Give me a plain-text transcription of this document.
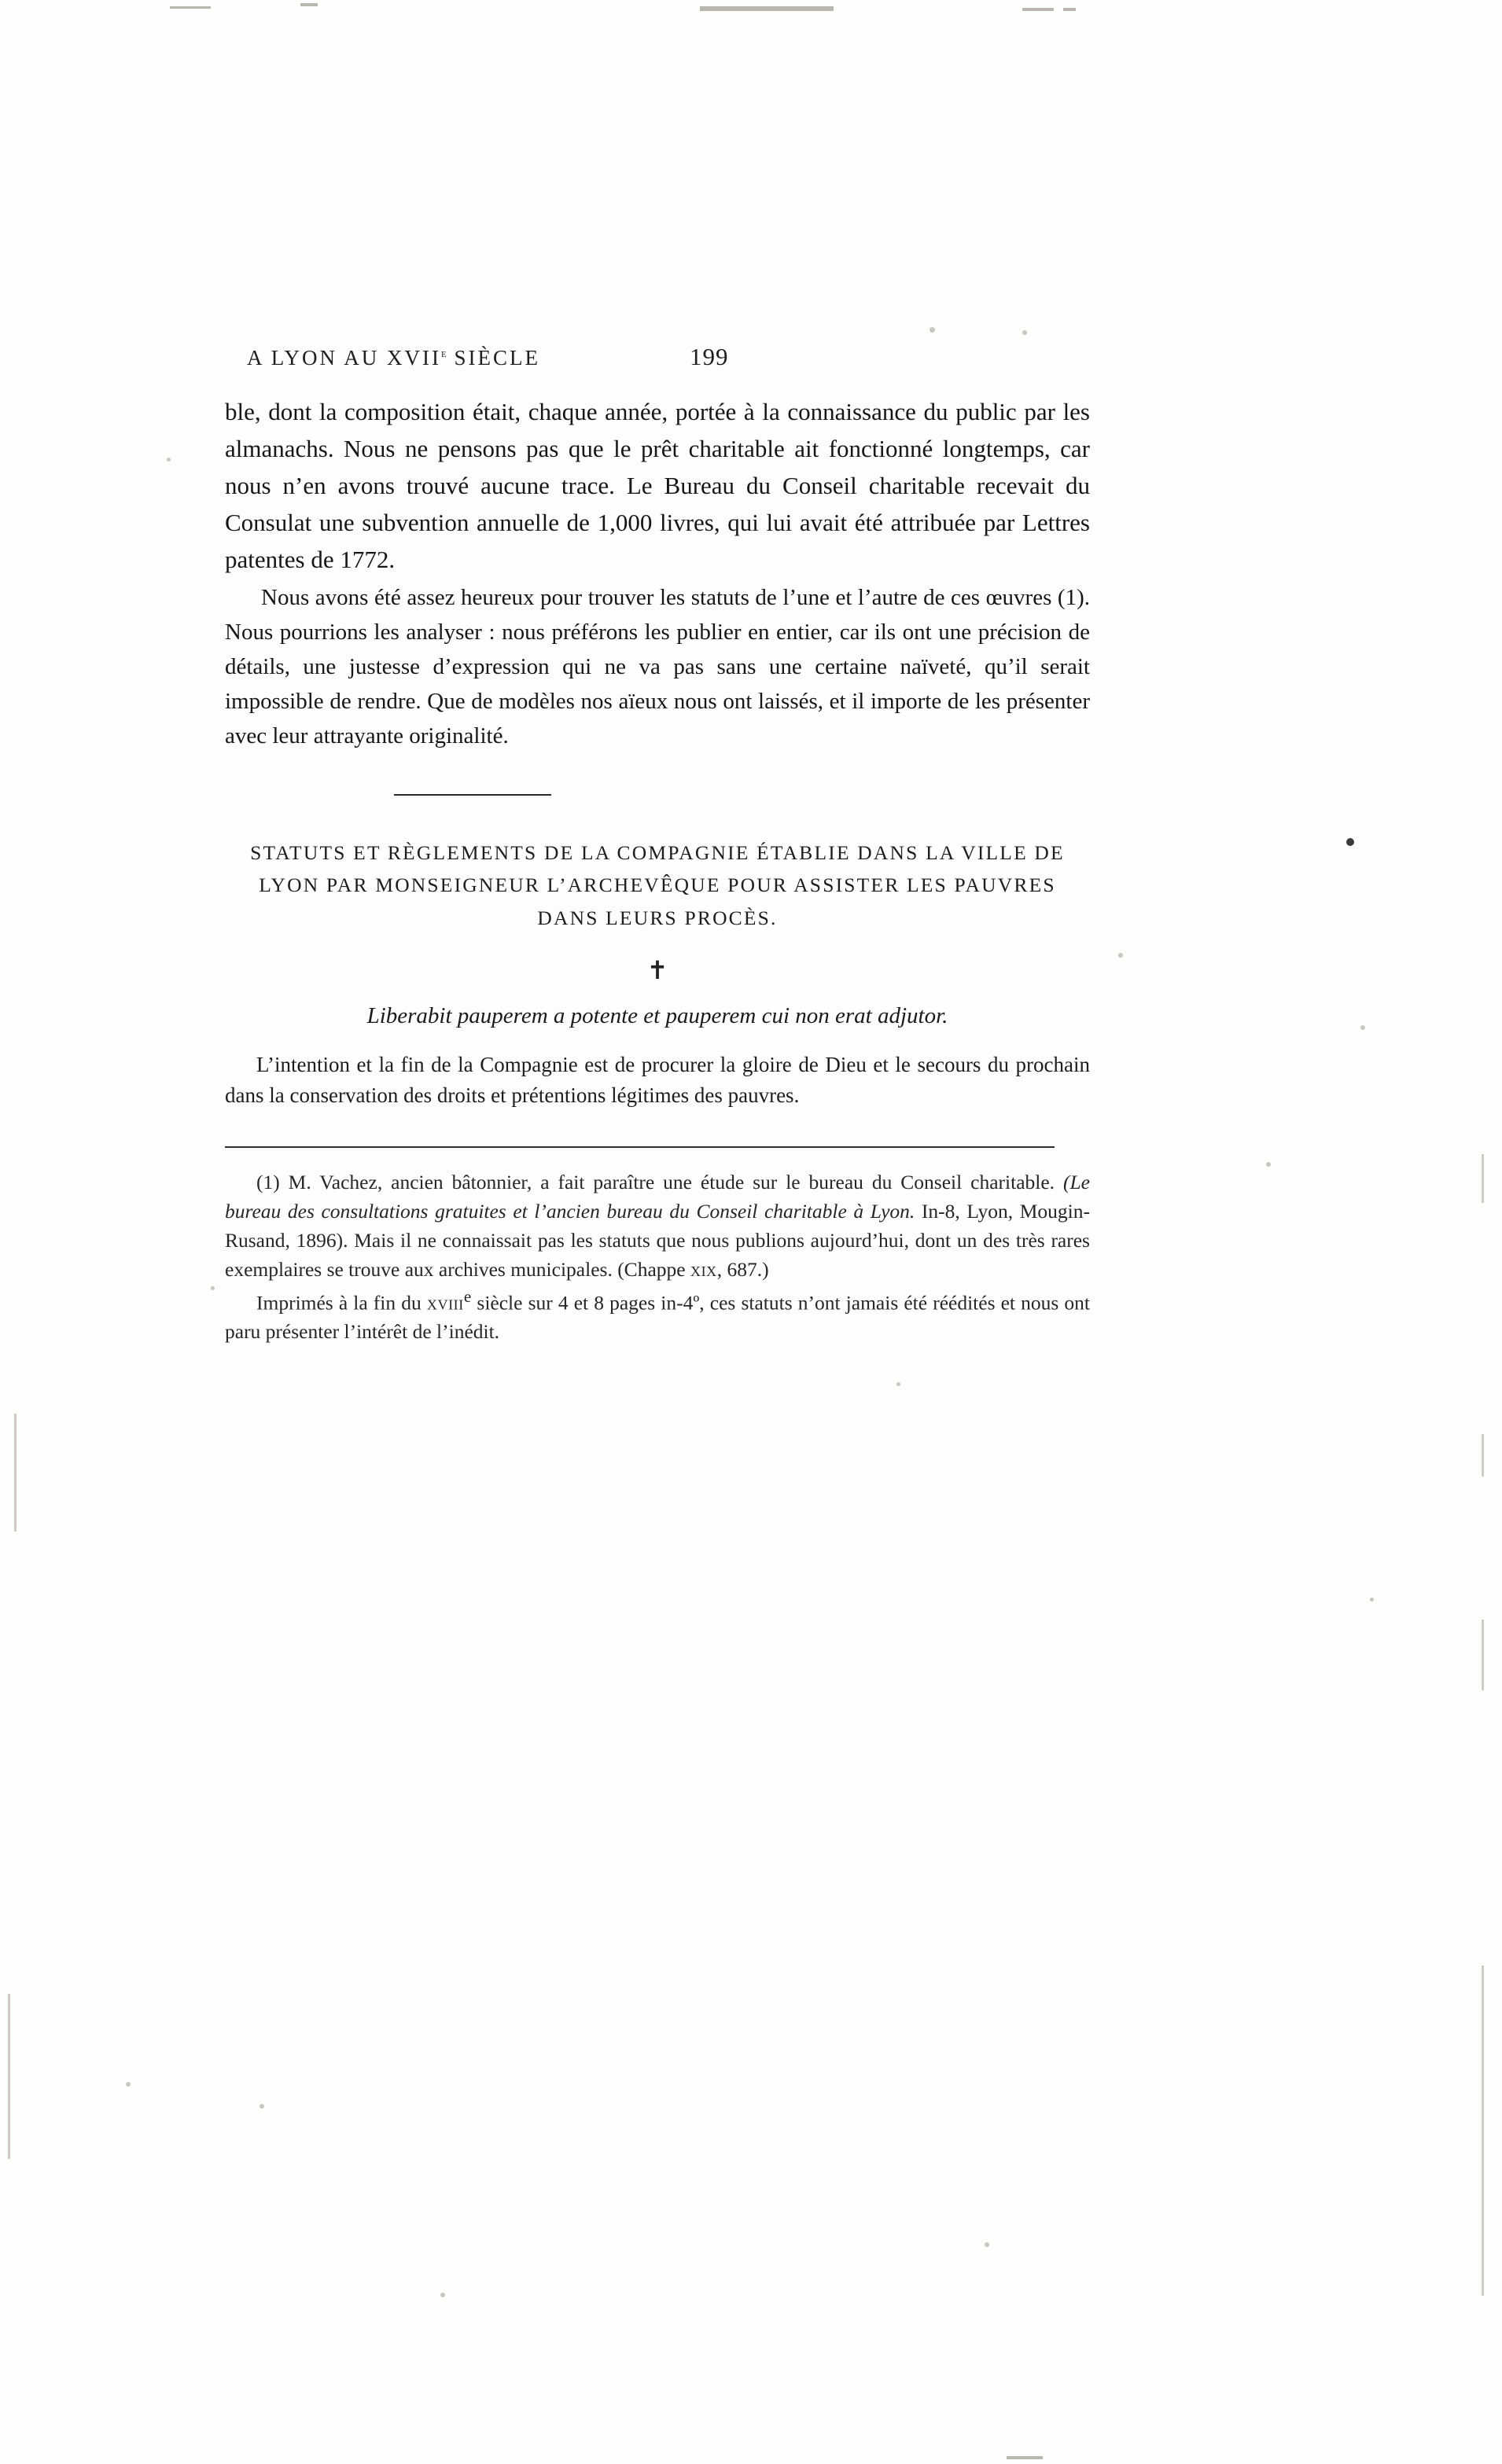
A LYON AU XVIIe SIÈCLE	199

ble, dont la composition était, chaque année, portée à la connaissance du public par les almanachs. Nous ne pensons pas que le prêt charitable ait fonctionné longtemps, car nous n’en avons trouvé aucune trace. Le Bureau du Conseil charitable recevait du Consulat une subvention annuelle de 1,000 livres, qui lui avait été attribuée par Lettres patentes de 1772.

Nous avons été assez heureux pour trouver les statuts de l’une et l’autre de ces œuvres (1). Nous pourrions les analyser : nous préférons les publier en entier, car ils ont une précision de détails, une justesse d’expression qui ne va pas sans une certaine naïveté, qu’il serait impossible de rendre. Que de modèles nos aïeux nous ont laissés, et il importe de les présenter avec leur attrayante originalité.

STATUTS ET RÈGLEMENTS DE LA COMPAGNIE ÉTABLIE DANS LA VILLE DE LYON PAR MONSEIGNEUR L’ARCHEVÊQUE POUR ASSISTER LES PAUVRES DANS LEURS PROCÈS.
✝
Liberabit pauperem a potente et pauperem cui non erat adjutor.

L’intention et la fin de la Compagnie est de procurer la gloire de Dieu et le secours du prochain dans la conservation des droits et prétentions légitimes des pauvres.

(1) M. Vachez, ancien bâtonnier, a fait paraître une étude sur le bureau du Conseil charitable. (Le bureau des consultations gratuites et l’ancien bureau du Conseil charitable à Lyon. In-8, Lyon, Mougin-Rusand, 1896). Mais il ne connaissait pas les statuts que nous publions aujourd’hui, dont un des très rares exemplaires se trouve aux archives municipales. (Chappe xix, 687.)

Imprimés à la fin du xviii$^e$ siècle sur 4 et 8 pages in-4º, ces statuts n’ont jamais été réédités et nous ont paru présenter l’intérêt de l’inédit.
